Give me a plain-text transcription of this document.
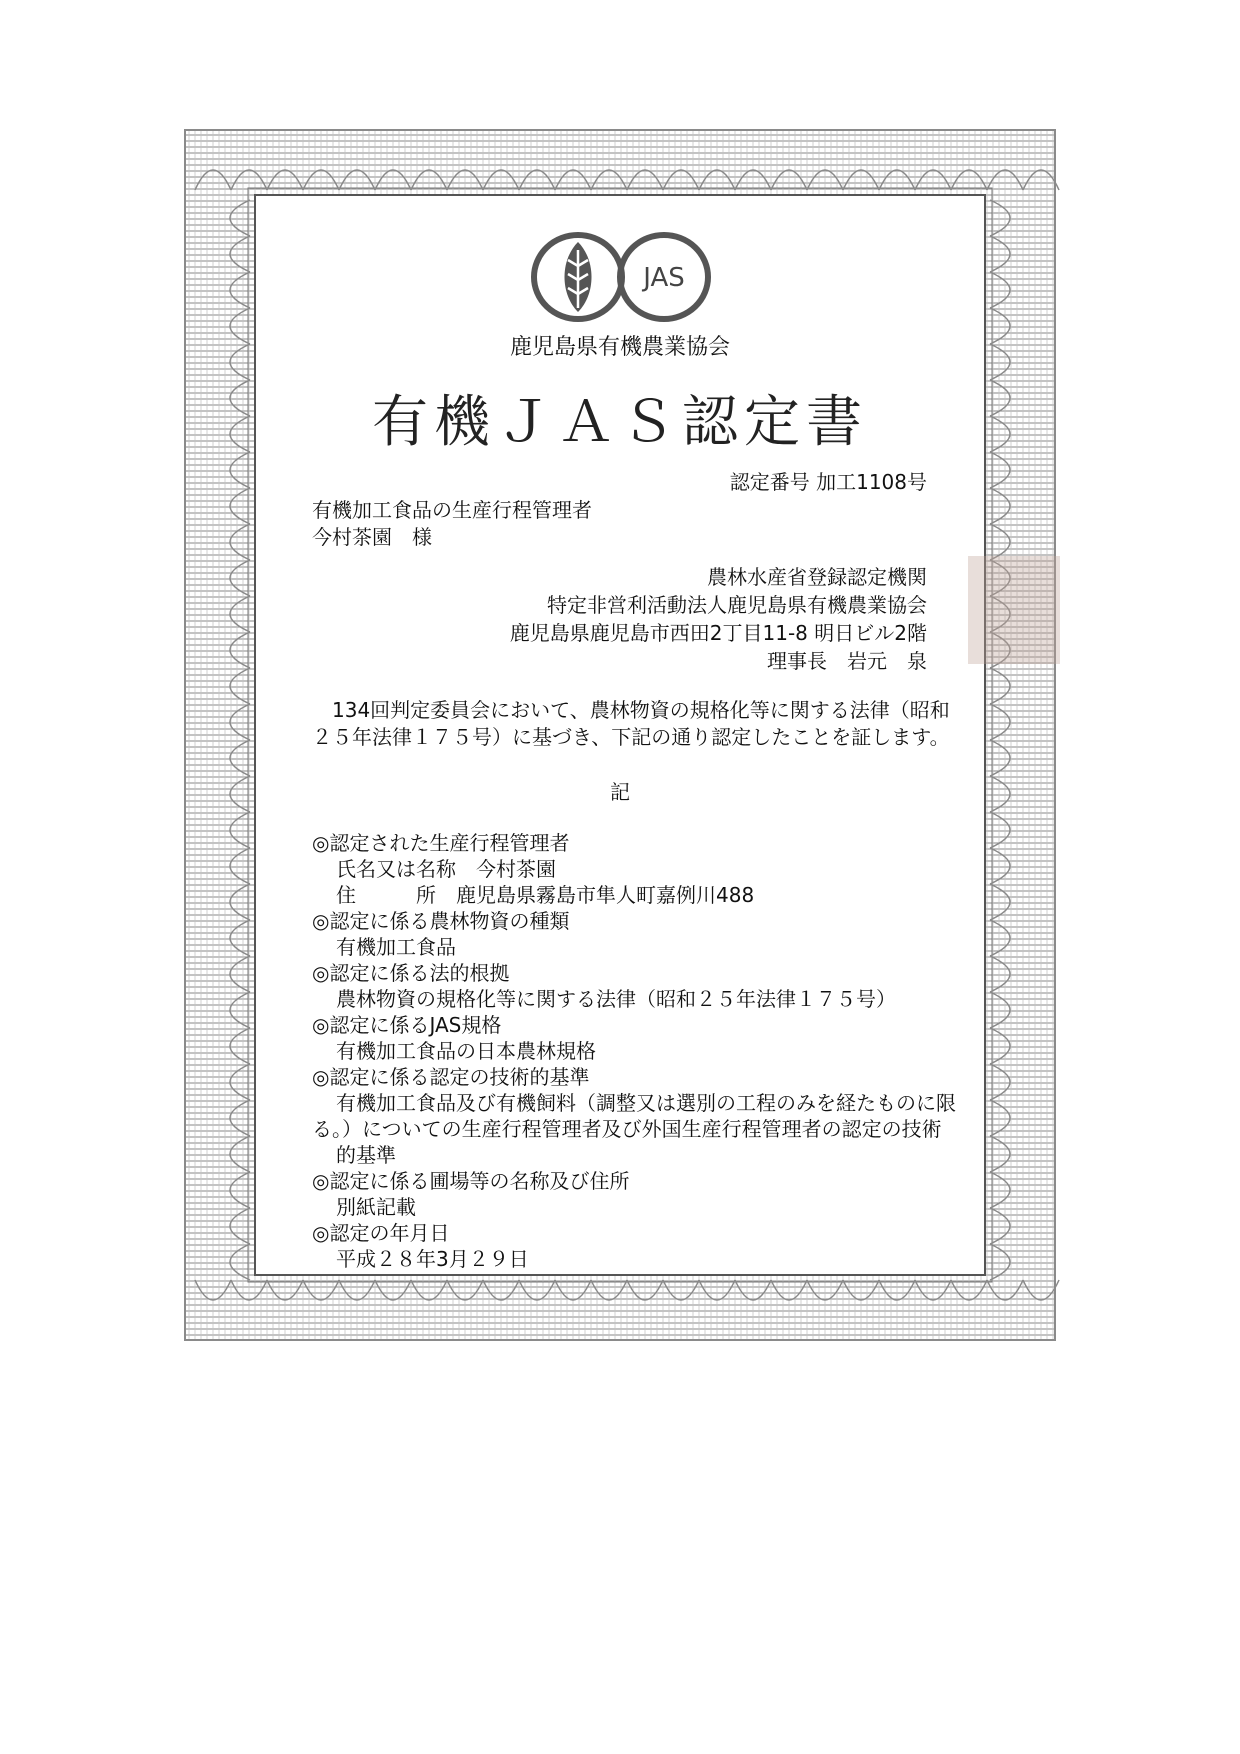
JAS
鹿児島県有機農業協会
有機ＪＡＳ認定書
認定番号 加工1108号
有機加工食品の生産行程管理者
今村茶園　様
農林水産省登録認定機関
特定非営利活動法人鹿児島県有機農業協会
鹿児島県鹿児島市西田2丁目11-8 明日ビル2階
理事長　岩元　泉
　134回判定委員会において、農林物資の規格化等に関する法律（昭和
２５年法律１７５号）に基づき、下記の通り認定したことを証します。
記
◎認定された生産行程管理者
氏名又は名称　今村茶園
住　　　所　鹿児島県霧島市隼人町嘉例川488
◎認定に係る農林物資の種類
有機加工食品
◎認定に係る法的根拠
農林物資の規格化等に関する法律（昭和２５年法律１７５号）
◎認定に係るJAS規格
有機加工食品の日本農林規格
◎認定に係る認定の技術的基準
有機加工食品及び有機飼料（調整又は選別の工程のみを経たものに限
る。）についての生産行程管理者及び外国生産行程管理者の認定の技術
的基準
◎認定に係る圃場等の名称及び住所
別紙記載
◎認定の年月日
平成２８年3月２９日
